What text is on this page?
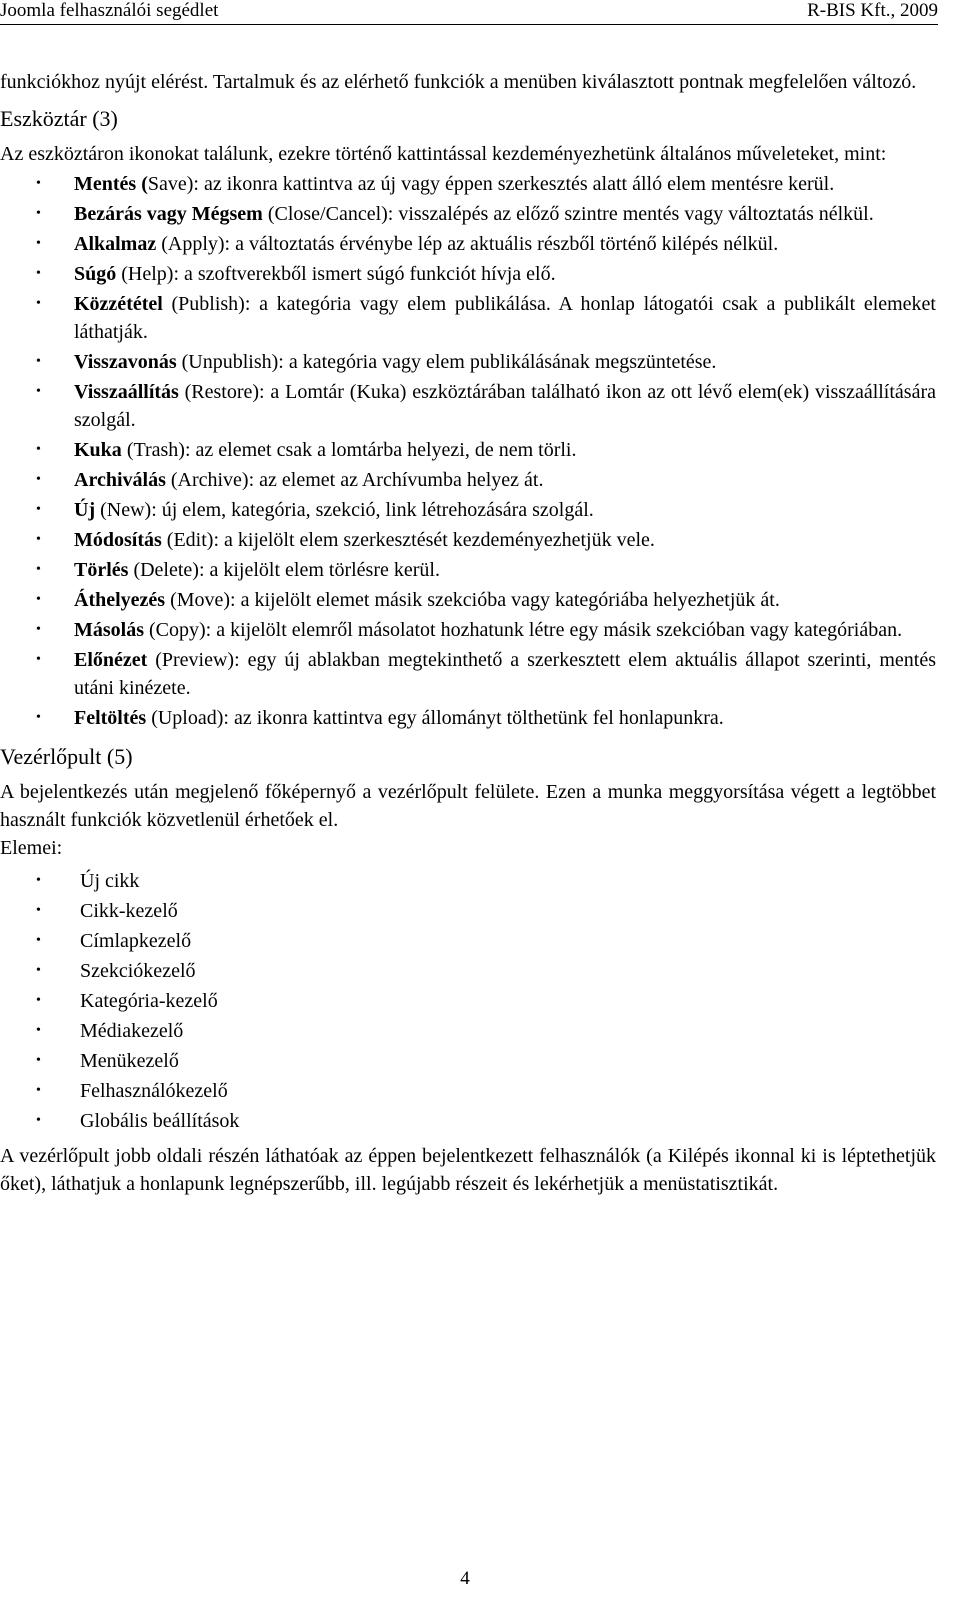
Joomla felhasználói segédlet	R-BIS Kft., 2009

funkciókhoz nyújt elérést. Tartalmuk és az elérhető funkciók a menüben kiválasztott pontnak megfelelően változó.

Eszköztár (3)

Az eszköztáron ikonokat találunk, ezekre történő kattintással kezdeményezhetünk általános műveleteket, mint:

• Mentés (Save): az ikonra kattintva az új vagy éppen szerkesztés alatt álló elem mentésre kerül.
• Bezárás vagy Mégsem (Close/Cancel): visszalépés az előző szintre mentés vagy változtatás nélkül.
• Alkalmaz (Apply): a változtatás érvénybe lép az aktuális részből történő kilépés nélkül.
• Súgó (Help): a szoftverekből ismert súgó funkciót hívja elő.
• Közzététel (Publish): a kategória vagy elem publikálása. A honlap látogatói csak a publikált elemeket láthatják.
• Visszavonás (Unpublish): a kategória vagy elem publikálásának megszüntetése.
• Visszaállítás (Restore): a Lomtár (Kuka) eszköztárában található ikon az ott lévő elem(ek) visszaállítására szolgál.
• Kuka (Trash): az elemet csak a lomtárba helyezi, de nem törli.
• Archiválás (Archive): az elemet az Archívumba helyez át.
• Új (New): új elem, kategória, szekció, link létrehozására szolgál.
• Módosítás (Edit): a kijelölt elem szerkesztését kezdeményezhetjük vele.
• Törlés (Delete): a kijelölt elem törlésre kerül.
• Áthelyezés (Move): a kijelölt elemet másik szekcióba vagy kategóriába helyezhetjük át.
• Másolás (Copy): a kijelölt elemről másolatot hozhatunk létre egy másik szekcióban vagy kategóriában.
• Előnézet (Preview): egy új ablakban megtekinthető a szerkesztett elem aktuális állapot szerinti, mentés utáni kinézete.
• Feltöltés (Upload): az ikonra kattintva egy állományt tölthetünk fel honlapunkra.
Vezérlőpult (5)

A bejelentkezés után megjelenő főképernyő a vezérlőpult felülete. Ezen a munka meggyorsítása végett a legtöbbet használt funkciók közvetlenül érhetőek el.

Elemei:

• Új cikk
• Cikk-kezelő
• Címlapkezelő
• Szekciókezelő
• Kategória-kezelő
• Médiakezelő
• Menükezelő
• Felhasználókezelő
• Globális beállítások

A vezérlőpult jobb oldali részén láthatóak az éppen bejelentkezett felhasználók (a Kilépés ikonnal ki is léptethetjük őket), láthatjuk a honlapunk legnépszerűbb, ill. legújabb részeit és lekérhetjük a menüstatisztikát.

4
